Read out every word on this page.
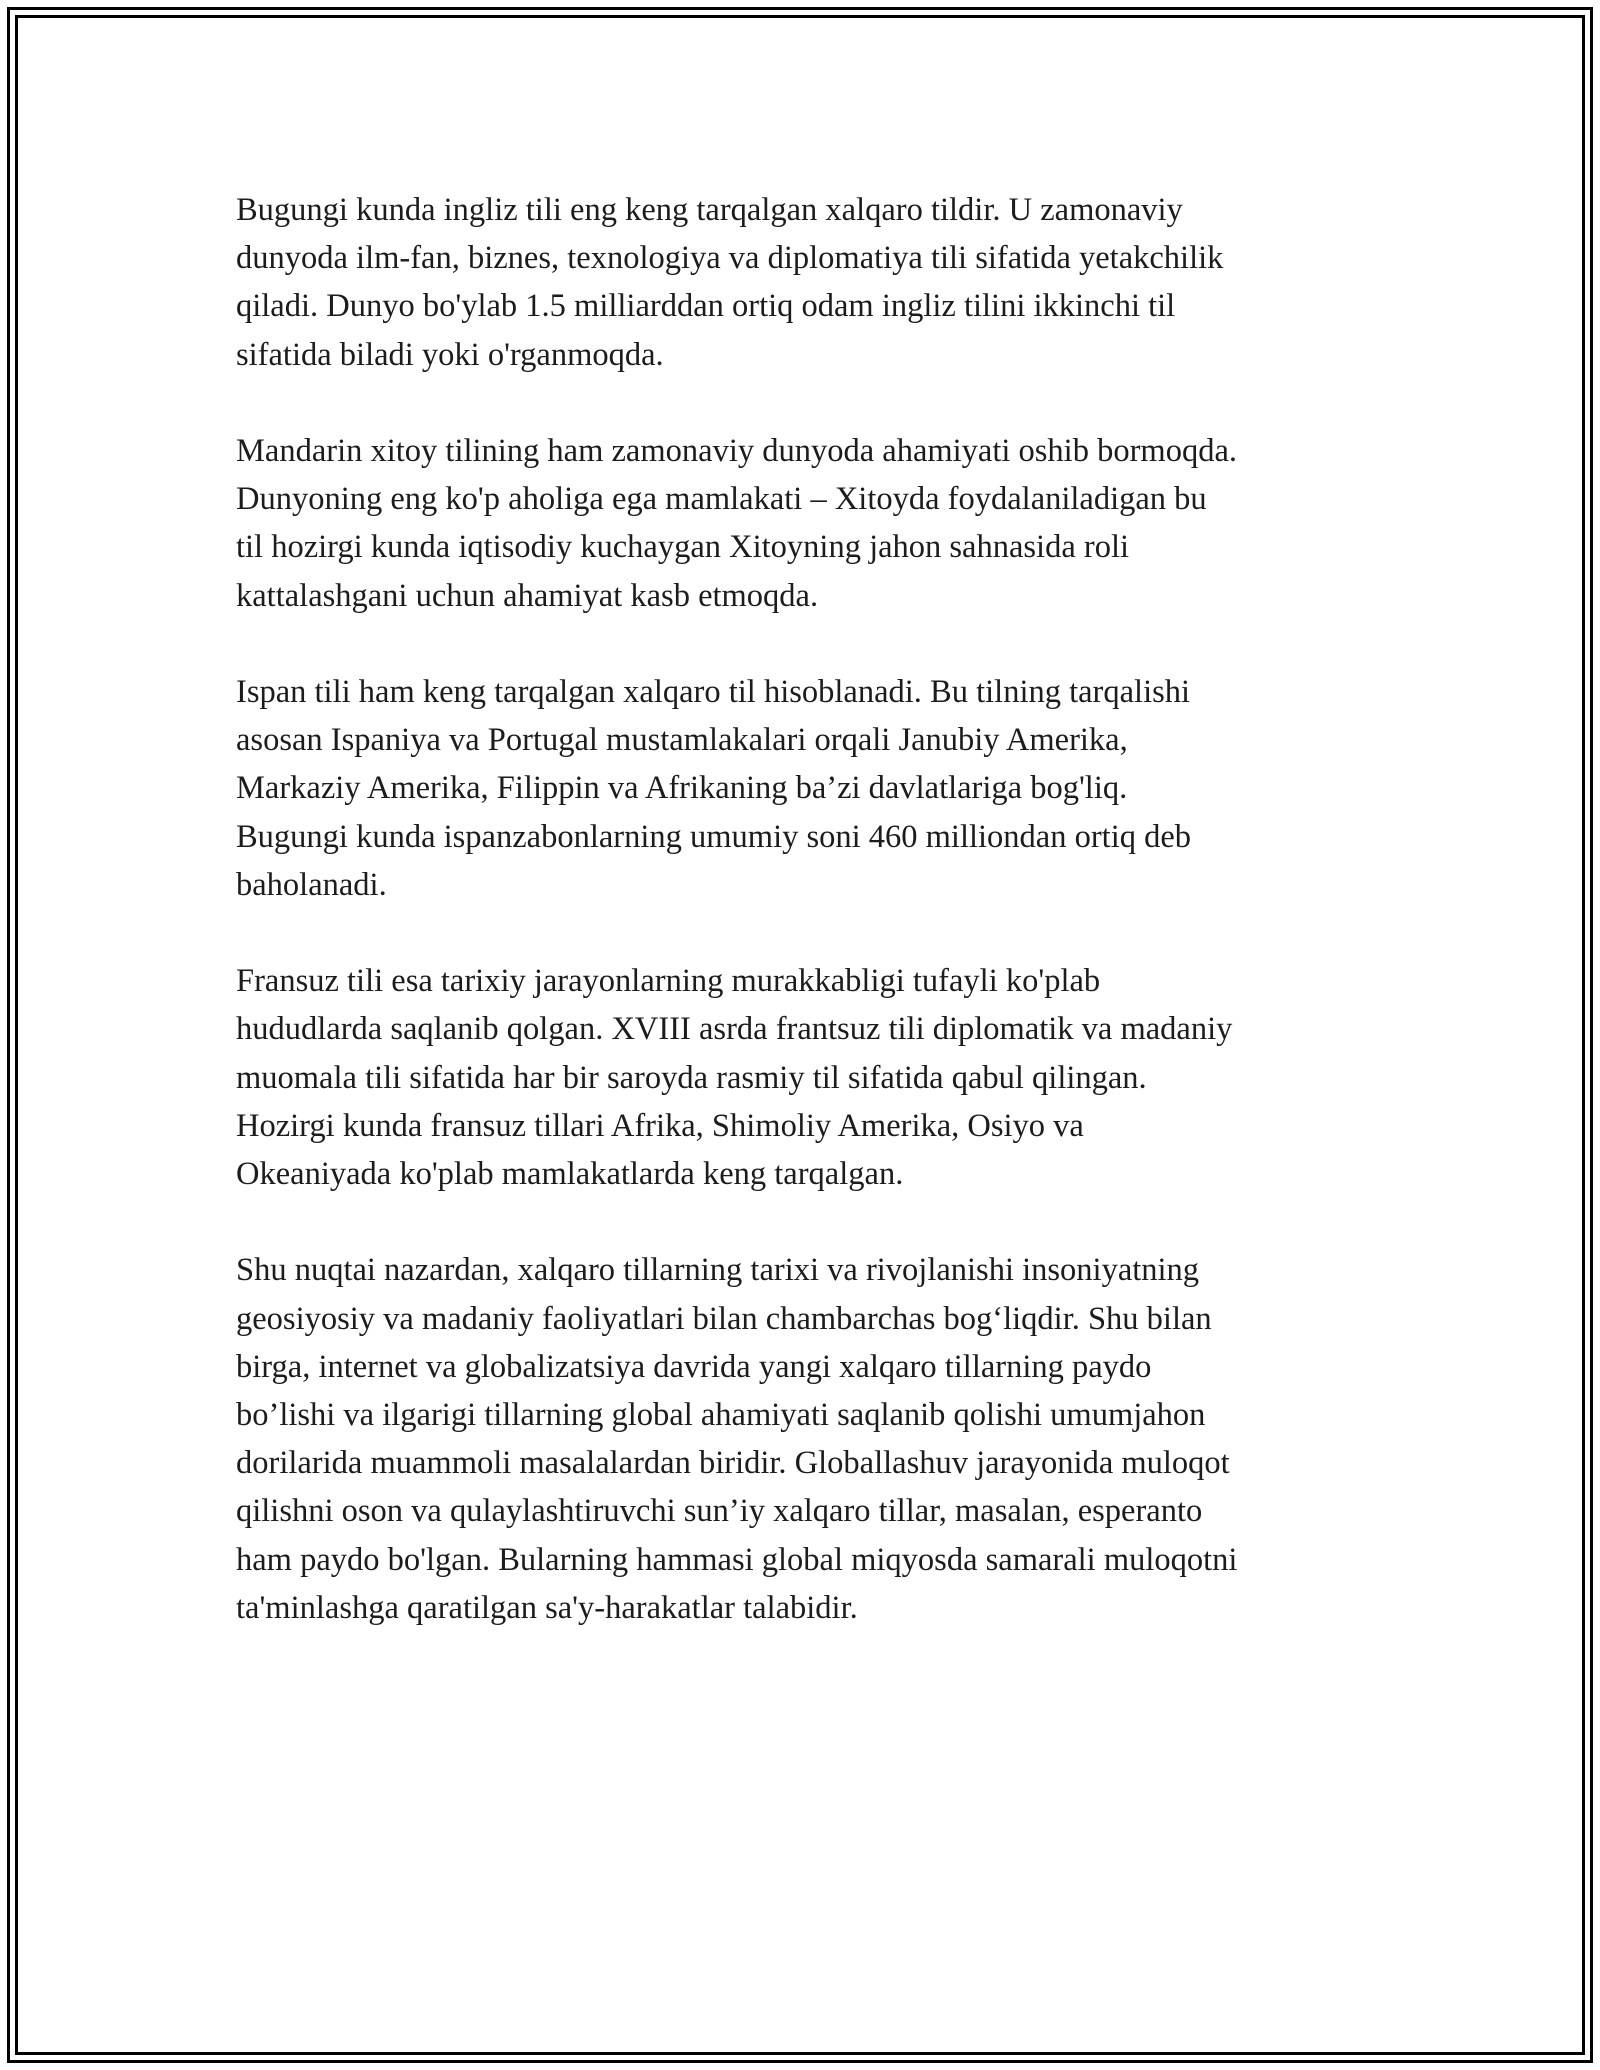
Bugungi kunda ingliz tili eng keng tarqalgan xalqaro tildir. U zamonaviy
dunyoda ilm-fan, biznes, texnologiya va diplomatiya tili sifatida yetakchilik
qiladi. Dunyo bo'ylab 1.5 milliarddan ortiq odam ingliz tilini ikkinchi til
sifatida biladi yoki o'rganmoqda.

Mandarin xitoy tilining ham zamonaviy dunyoda ahamiyati oshib bormoqda.
Dunyoning eng ko'p aholiga ega mamlakati – Xitoyda foydalaniladigan bu
til hozirgi kunda iqtisodiy kuchaygan Xitoyning jahon sahnasida roli
kattalashgani uchun ahamiyat kasb etmoqda.

Ispan tili ham keng tarqalgan xalqaro til hisoblanadi. Bu tilning tarqalishi
asosan Ispaniya va Portugal mustamlakalari orqali Janubiy Amerika,
Markaziy Amerika, Filippin va Afrikaning ba’zi davlatlariga bog'liq.
Bugungi kunda ispanzabonlarning umumiy soni 460 milliondan ortiq deb
baholanadi.

Fransuz tili esa tarixiy jarayonlarning murakkabligi tufayli ko'plab
hududlarda saqlanib qolgan. XVIII asrda frantsuz tili diplomatik va madaniy
muomala tili sifatida har bir saroyda rasmiy til sifatida qabul qilingan.
Hozirgi kunda fransuz tillari Afrika, Shimoliy Amerika, Osiyo va
Okeaniyada ko'plab mamlakatlarda keng tarqalgan.

Shu nuqtai nazardan, xalqaro tillarning tarixi va rivojlanishi insoniyatning
geosiyosiy va madaniy faoliyatlari bilan chambarchas bog‘liqdir. Shu bilan
birga, internet va globalizatsiya davrida yangi xalqaro tillarning paydo
bo’lishi va ilgarigi tillarning global ahamiyati saqlanib qolishi umumjahon
dorilarida muammoli masalalardan biridir. Globallashuv jarayonida muloqot
qilishni oson va qulaylashtiruvchi sun’iy xalqaro tillar, masalan, esperanto
ham paydo bo'lgan. Bularning hammasi global miqyosda samarali muloqotni
ta'minlashga qaratilgan sa'y-harakatlar talabidir.
